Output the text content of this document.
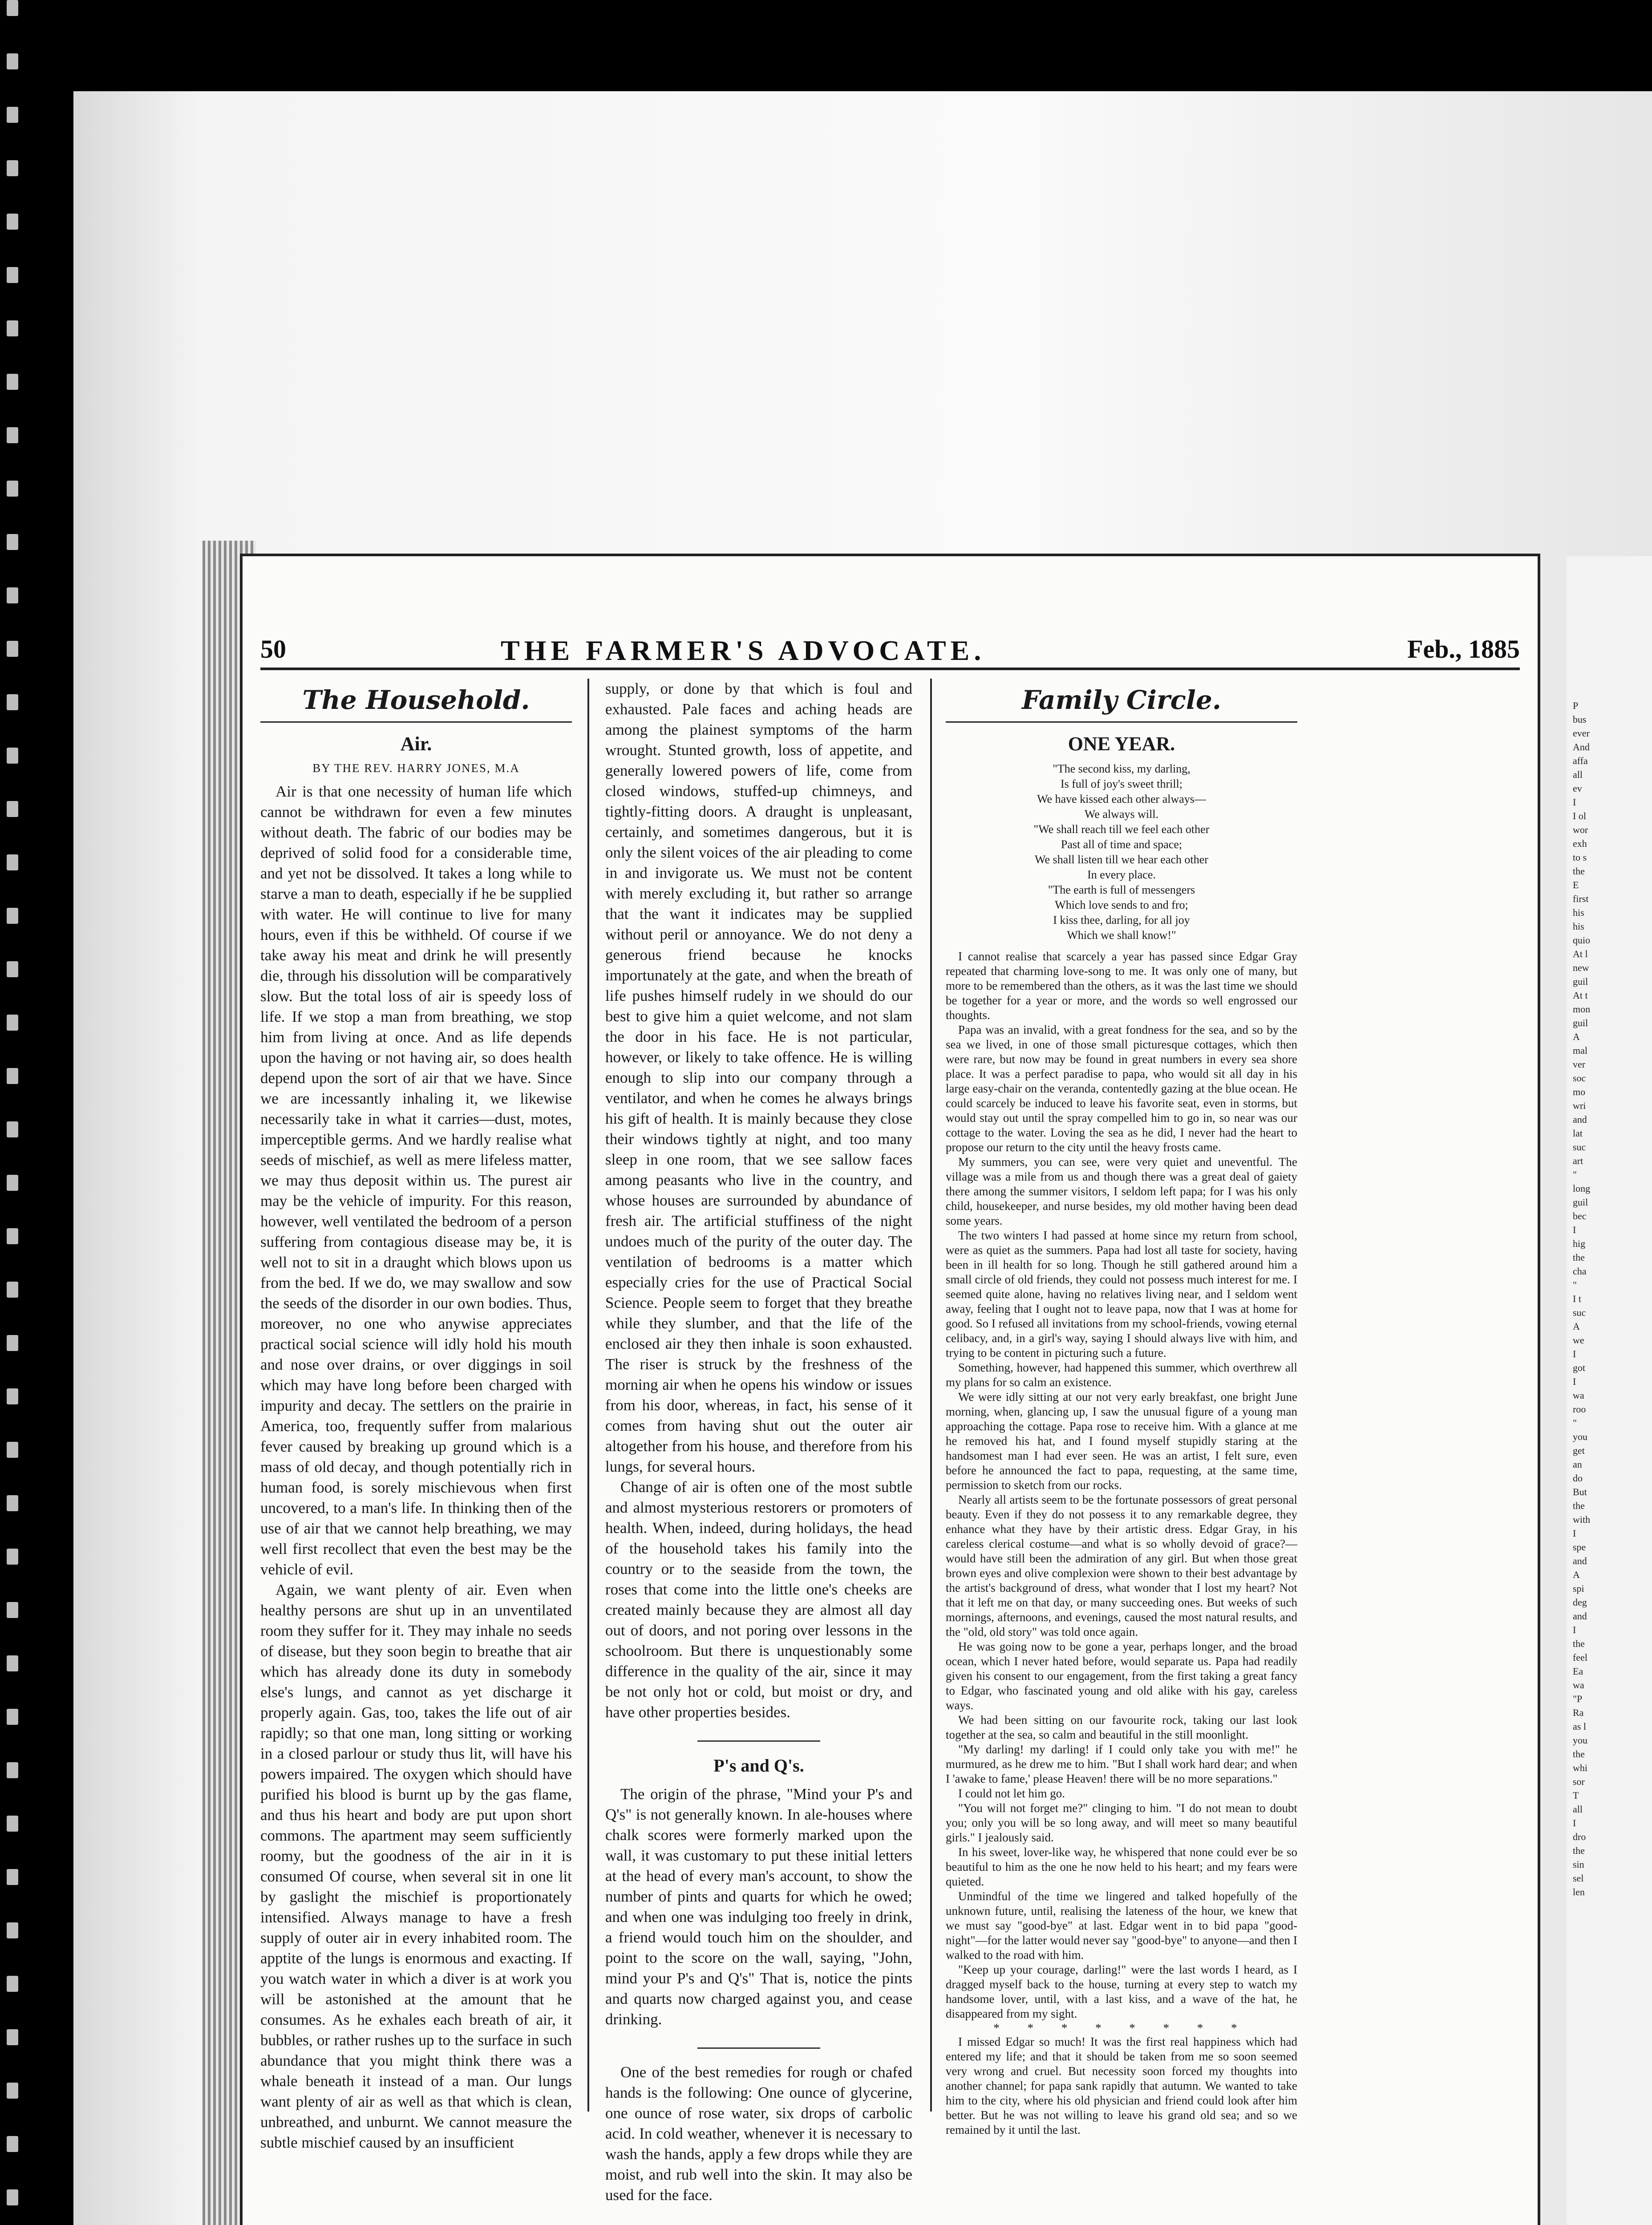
P
bus
ever
And
affa
all
ev
I
I ol
wor
exh
to s
the
E
first
his
his
quio
At l
new
guil
At t
mon
guil
A
mal
ver
soc
mo
wri
and
lat
suc
art
"
long
guil
bec
I
hig
the
cha
"
I t
suc
A
we
I
got
I
wa
roo
"
you
get
an
do
But
the
with
I
spe
and
A
spi
deg
and
I
the
feel
Ea
wa
"P
Ra
as l
you
the
whi
sor
T
all
I
dro
the
sin
sel
len
50	THE FARMER'S ADVOCATE.	Feb., 1885
The Household.
Air.
BY THE REV. HARRY JONES, M.A

Air is that one necessity of human life which cannot be withdrawn for even a few minutes without death. The fabric of our bodies may be deprived of solid food for a considerable time, and yet not be dissolved. It takes a long while to starve a man to death, especially if he be supplied with water. He will continue to live for many hours, even if this be withheld. Of course if we take away his meat and drink he will presently die, through his dissolution will be comparatively slow. But the total loss of air is speedy loss of life. If we stop a man from breathing, we stop him from living at once. And as life depends upon the having or not having air, so does health depend upon the sort of air that we have. Since we are incessantly inhaling it, we likewise necessarily take in what it carries—dust, motes, imperceptible germs. And we hardly realise what seeds of mischief, as well as mere lifeless matter, we may thus deposit within us. The purest air may be the vehicle of impurity. For this reason, however, well ventilated the bedroom of a person suffering from contagious disease may be, it is well not to sit in a draught which blows upon us from the bed. If we do, we may swallow and sow the seeds of the disorder in our own bodies. Thus, moreover, no one who anywise appreciates practical social science will idly hold his mouth and nose over drains, or over diggings in soil which may have long before been charged with impurity and decay. The settlers on the prairie in America, too, frequently suffer from malarious fever caused by breaking up ground which is a mass of old decay, and though potentially rich in human food, is sorely mischievous when first uncovered, to a man's life. In thinking then of the use of air that we cannot help breathing, we may well first recollect that even the best may be the vehicle of evil.

Again, we want plenty of air. Even when healthy persons are shut up in an unventilated room they suffer for it. They may inhale no seeds of disease, but they soon begin to breathe that air which has already done its duty in somebody else's lungs, and cannot as yet discharge it properly again. Gas, too, takes the life out of air rapidly; so that one man, long sitting or working in a closed parlour or study thus lit, will have his powers impaired. The oxygen which should have purified his blood is burnt up by the gas flame, and thus his heart and body are put upon short commons. The apartment may seem sufficiently roomy, but the goodness of the air in it is consumed Of course, when several sit in one lit by gaslight the mischief is proportionately intensified. Always manage to have a fresh supply of outer air in every inhabited room. The apptite of the lungs is enormous and exacting. If you watch water in which a diver is at work you will be astonished at the amount that he consumes. As he exhales each breath of air, it bubbles, or rather rushes up to the surface in such abundance that you might think there was a whale beneath it instead of a man. Our lungs want plenty of air as well as that which is clean, unbreathed, and unburnt. We cannot measure the subtle mischief caused by an insufficient

supply, or done by that which is foul and exhausted. Pale faces and aching heads are among the plainest symptoms of the harm wrought. Stunted growth, loss of appetite, and generally lowered powers of life, come from closed windows, stuffed-up chimneys, and tightly-fitting doors. A draught is unpleasant, certainly, and sometimes dangerous, but it is only the silent voices of the air pleading to come in and invigorate us. We must not be content with merely excluding it, but rather so arrange that the want it indicates may be supplied without peril or annoyance. We do not deny a generous friend because he knocks importunately at the gate, and when the breath of life pushes himself rudely in we should do our best to give him a quiet welcome, and not slam the door in his face. He is not particular, however, or likely to take offence. He is willing enough to slip into our company through a ventilator, and when he comes he always brings his gift of health. It is mainly because they close their windows tightly at night, and too many sleep in one room, that we see sallow faces among peasants who live in the country, and whose houses are surrounded by abundance of fresh air. The artificial stuffiness of the night undoes much of the purity of the outer day. The ventilation of bedrooms is a matter which especially cries for the use of Practical Social Science. People seem to forget that they breathe while they slumber, and that the life of the enclosed air they then inhale is soon exhausted. The riser is struck by the freshness of the morning air when he opens his window or issues from his door, whereas, in fact, his sense of it comes from having shut out the outer air altogether from his house, and therefore from his lungs, for several hours.

Change of air is often one of the most subtle and almost mysterious restorers or promoters of health. When, indeed, during holidays, the head of the household takes his family into the country or to the seaside from the town, the roses that come into the little one's cheeks are created mainly because they are almost all day out of doors, and not poring over lessons in the schoolroom. But there is unquestionably some difference in the quality of the air, since it may be not only hot or cold, but moist or dry, and have other properties besides.

P's and Q's.

The origin of the phrase, "Mind your P's and Q's" is not generally known. In ale-houses where chalk scores were formerly marked upon the wall, it was customary to put these initial letters at the head of every man's account, to show the number of pints and quarts for which he owed; and when one was indulging too freely in drink, a friend would touch him on the shoulder, and point to the score on the wall, saying, "John, mind your P's and Q's" That is, notice the pints and quarts now charged against you, and cease drinking.

One of the best remedies for rough or chafed hands is the following: One ounce of glycerine, one ounce of rose water, six drops of carbolic acid. In cold weather, whenever it is necessary to wash the hands, apply a few drops while they are moist, and rub well into the skin. It may also be used for the face.

Family Circle.
ONE YEAR.
"The second kiss, my darling,
Is full of joy's sweet thrill;
We have kissed each other always—
We always will.
"We shall reach till we feel each other
Past all of time and space;
We shall listen till we hear each other
In every place.
"The earth is full of messengers
Which love sends to and fro;
I kiss thee, darling, for all joy
Which we shall know!"

I cannot realise that scarcely a year has passed since Edgar Gray repeated that charming love-song to me. It was only one of many, but more to be remembered than the others, as it was the last time we should be together for a year or more, and the words so well engrossed our thoughts.

Papa was an invalid, with a great fondness for the sea, and so by the sea we lived, in one of those small picturesque cottages, which then were rare, but now may be found in great numbers in every sea shore place. It was a perfect paradise to papa, who would sit all day in his large easy-chair on the veranda, contentedly gazing at the blue ocean. He could scarcely be induced to leave his favorite seat, even in storms, but would stay out until the spray compelled him to go in, so near was our cottage to the water. Loving the sea as he did, I never had the heart to propose our return to the city until the heavy frosts came.

My summers, you can see, were very quiet and uneventful. The village was a mile from us and though there was a great deal of gaiety there among the summer visitors, I seldom left papa; for I was his only child, housekeeper, and nurse besides, my old mother having been dead some years.

The two winters I had passed at home since my return from school, were as quiet as the summers. Papa had lost all taste for society, having been in ill health for so long. Though he still gathered around him a small circle of old friends, they could not possess much interest for me. I seemed quite alone, having no relatives living near, and I seldom went away, feeling that I ought not to leave papa, now that I was at home for good. So I refused all invitations from my school-friends, vowing eternal celibacy, and, in a girl's way, saying I should always live with him, and trying to be content in picturing such a future.

Something, however, had happened this summer, which overthrew all my plans for so calm an existence.

We were idly sitting at our not very early breakfast, one bright June morning, when, glancing up, I saw the unusual figure of a young man approaching the cottage. Papa rose to receive him. With a glance at me he removed his hat, and I found myself stupidly staring at the handsomest man I had ever seen. He was an artist, I felt sure, even before he announced the fact to papa, requesting, at the same time, permission to sketch from our rocks.

Nearly all artists seem to be the fortunate possessors of great personal beauty. Even if they do not possess it to any remarkable degree, they enhance what they have by their artistic dress. Edgar Gray, in his careless clerical costume—and what is so wholly devoid of grace?—would have still been the admiration of any girl. But when those great brown eyes and olive complexion were shown to their best advantage by the artist's background of dress, what wonder that I lost my heart? Not that it left me on that day, or many succeeding ones. But weeks of such mornings, afternoons, and evenings, caused the most natural results, and the "old, old story" was told once again.

He was going now to be gone a year, perhaps longer, and the broad ocean, which I never hated before, would separate us. Papa had readily given his consent to our engagement, from the first taking a great fancy to Edgar, who fascinated young and old alike with his gay, careless ways.

We had been sitting on our favourite rock, taking our last look together at the sea, so calm and beautiful in the still moonlight.

"My darling! my darling! if I could only take you with me!" he murmured, as he drew me to him. "But I shall work hard dear; and when I 'awake to fame,' please Heaven! there will be no more separations."

I could not let him go.

"You will not forget me?" clinging to him. "I do not mean to doubt you; only you will be so long away, and will meet so many beautiful girls." I jealously said.

In his sweet, lover-like way, he whispered that none could ever be so beautiful to him as the one he now held to his heart; and my fears were quieted.

Unmindful of the time we lingered and talked hopefully of the unknown future, until, realising the lateness of the hour, we knew that we must say "good-bye" at last. Edgar went in to bid papa "good-night"—for the latter would never say "good-bye" to anyone—and then I walked to the road with him.

"Keep up your courage, darling!" were the last words I heard, as I dragged myself back to the house, turning at every step to watch my handsome lover, until, with a last kiss, and a wave of the hat, he disappeared from my sight.

* * * * * * * *

I missed Edgar so much! It was the first real happiness which had entered my life; and that it should be taken from me so soon seemed very wrong and cruel. But necessity soon forced my thoughts into another channel; for papa sank rapidly that autumn. We wanted to take him to the city, where his old physician and friend could look after him better. But he was not willing to leave his grand old sea; and so we remained by it until the last.
